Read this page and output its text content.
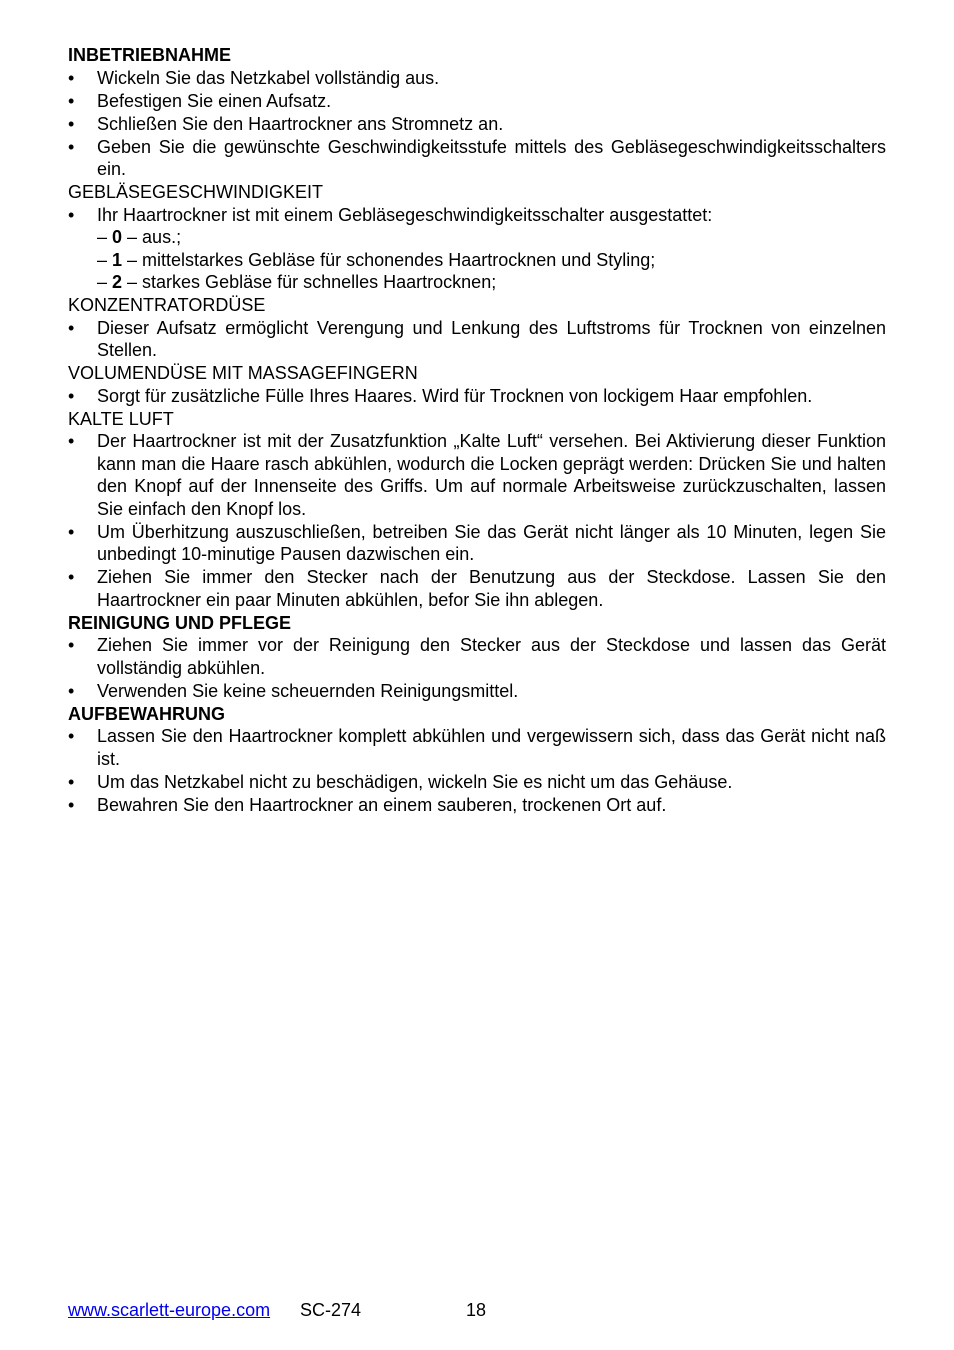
INBETRIEBNAHME
• Wickeln Sie das Netzkabel vollständig aus.
• Befestigen Sie einen Aufsatz.
• Schließen Sie den Haartrockner ans Stromnetz an.
• Geben Sie die gewünschte Geschwindigkeitsstufe mittels des Gebläsegeschwindigkeitsschalters ein.
GEBLÄSEGESCHWINDIGKEIT
• Ihr Haartrockner ist mit einem Gebläsegeschwindigkeitsschalter ausgestattet:
– 0 – aus.;
– 1 – mittelstarkes Gebläse für schonendes Haartrocknen und Styling;
– 2 – starkes Gebläse für schnelles Haartrocknen;
KONZENTRATORDÜSE
• Dieser Aufsatz ermöglicht Verengung und Lenkung des Luftstroms für Trocknen von einzelnen Stellen.
VOLUMENDÜSE MIT MASSAGEFINGERN
• Sorgt für zusätzliche Fülle Ihres Haares. Wird für Trocknen von lockigem Haar empfohlen.
KALTE LUFT
• Der Haartrockner ist mit der Zusatzfunktion „Kalte Luft“ versehen. Bei Aktivierung dieser Funktion kann man die Haare rasch abkühlen, wodurch die Locken geprägt werden: Drücken Sie und halten den Knopf auf der Innenseite des Griffs. Um auf normale Arbeitsweise zurückzuschalten, lassen Sie einfach den Knopf los.
• Um Überhitzung auszuschließen, betreiben Sie das Gerät nicht länger als 10 Minuten, legen Sie unbedingt 10-minutige Pausen dazwischen ein.
• Ziehen Sie immer den Stecker nach der Benutzung aus der Steckdose. Lassen Sie den Haartrockner ein paar Minuten abkühlen, befor Sie ihn ablegen.
REINIGUNG UND PFLEGE
• Ziehen Sie immer vor der Reinigung den Stecker aus der Steckdose und lassen das Gerät vollständig abkühlen.
• Verwenden Sie keine scheuernden Reinigungsmittel.
AUFBEWAHRUNG
• Lassen Sie den Haartrockner komplett abkühlen und vergewissern sich, dass das Gerät nicht naß ist.
• Um das Netzkabel nicht zu beschädigen, wickeln Sie es nicht um das Gehäuse.
• Bewahren Sie den Haartrockner an einem sauberen, trockenen Ort auf.
www.scarlett-europe.com SC-274	18
